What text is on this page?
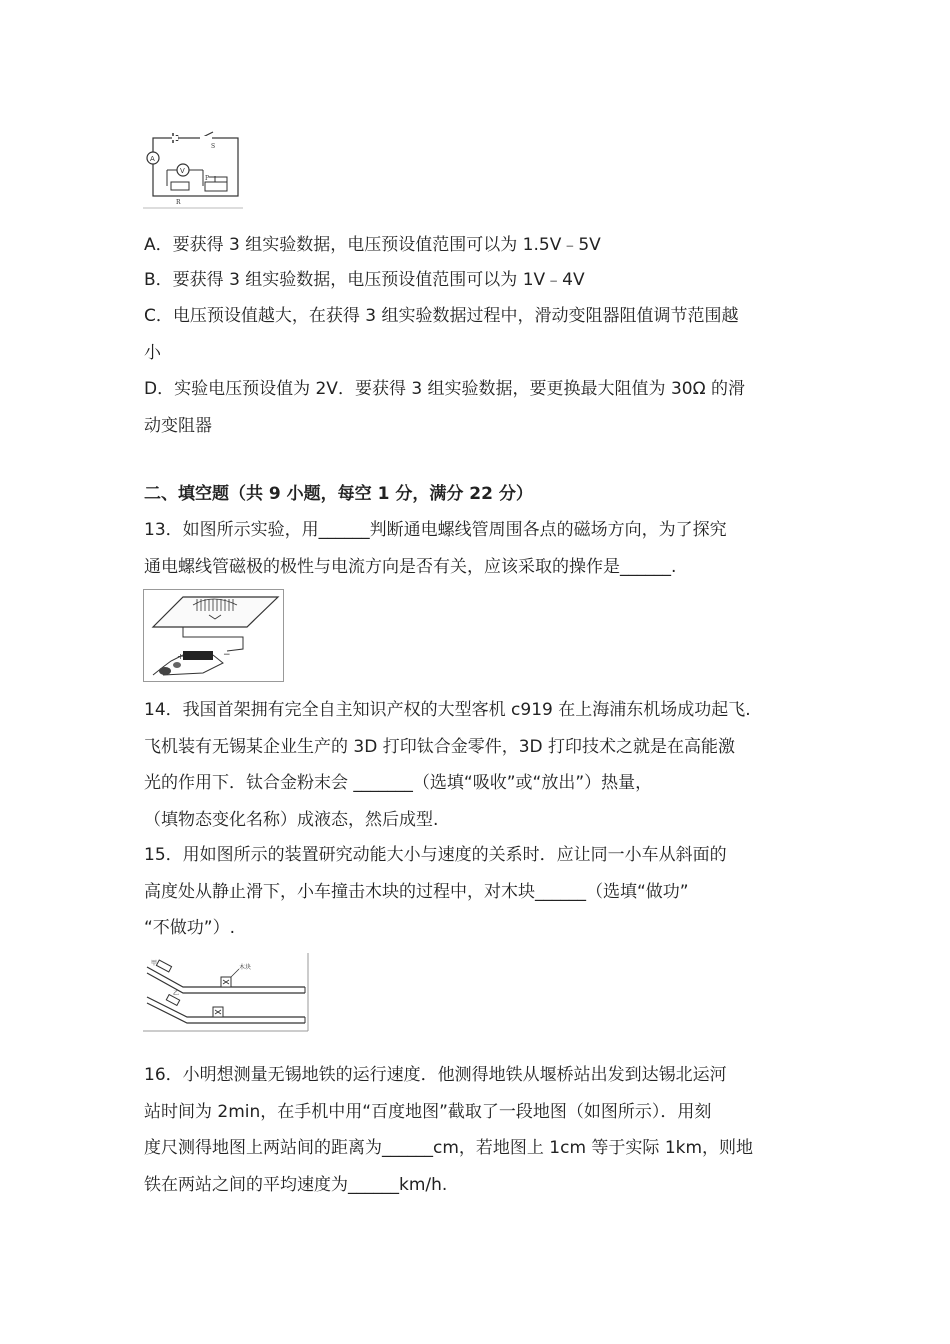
S
A
V
R
P
A．要获得 3 组实验数据，电压预设值范围可以为 1.5V﹣5V
B．要获得 3 组实验数据，电压预设值范围可以为 1V﹣4V
C．电压预设值越大，在获得 3 组实验数据过程中，滑动变阻器阻值调节范围越
小
D．实验电压预设值为 2V．要获得 3 组实验数据，要更换最大阻值为 30Ω 的滑
动变阻器
二、填空题（共 9 小题，每空 1 分，满分 22 分）
13．如图所示实验，用______判断通电螺线管周围各点的磁场方向，为了探究
通电螺线管磁极的极性与电流方向是否有关，应该采取的操作是______.
+	−
14．我国首架拥有完全自主知识产权的大型客机 c919 在上海浦东机场成功起飞.
飞机装有无锡某企业生产的 3D 打印钛合金零件，3D 打印技术之就是在高能激
光的作用下．钛合金粉末会 _______（选填“吸收”或“放出”）热量，
（填物态变化名称）成液态，然后成型.
15．用如图所示的装置研究动能大小与速度的关系时．应让同一小车从斜面的
高度处从静止滑下，小车撞击木块的过程中，对木块______（选填“做功”
“不做功”）.
甲
木块
乙
16．小明想测量无锡地铁的运行速度．他测得地铁从堰桥站出发到达锡北运河
站时间为 2min，在手机中用“百度地图”截取了一段地图（如图所示）．用刻
度尺测得地图上两站间的距离为______cm，若地图上 1cm 等于实际 1km，则地
铁在两站之间的平均速度为______km/h.
